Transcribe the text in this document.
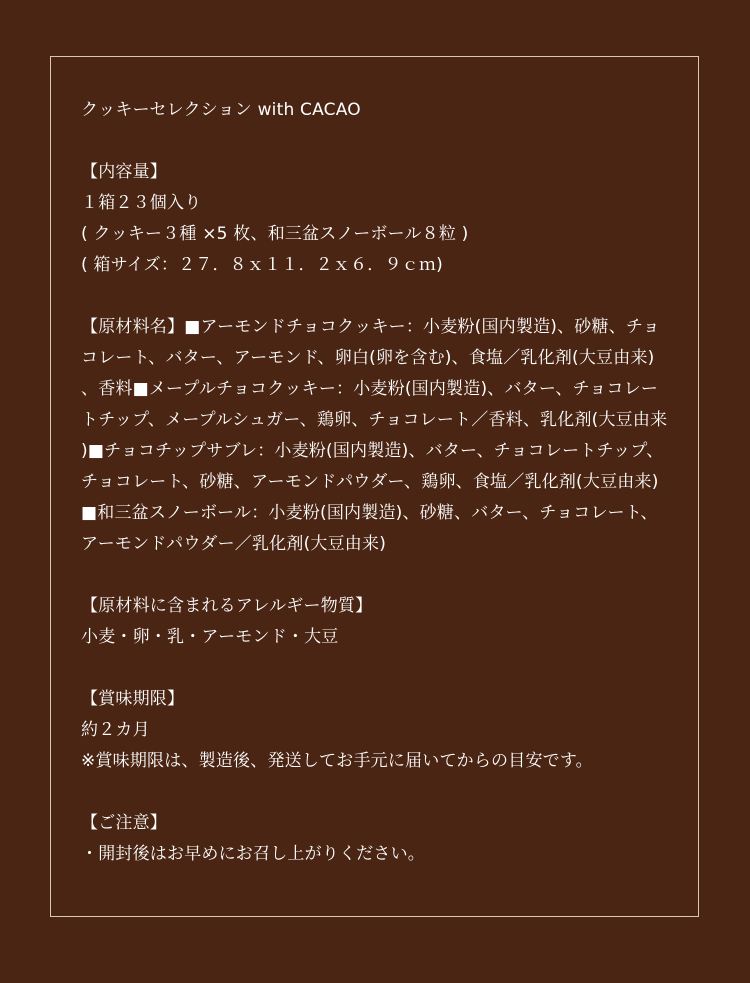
クッキーセレクション with CACAO
【内容量】
１箱２３個入り
( クッキー３種 ×5 枚、和三盆スノーボール８粒 )
( 箱サイズ：２７．８ｘ１１．２ｘ６．９ｃｍ)
【原材料名】■アーモンドチョコクッキー：小麦粉(国内製造)、砂糖、チョコレート、バター、アーモンド、卵白(卵を含む)、食塩／乳化剤(大豆由来)、香料■メープルチョコクッキー：小麦粉(国内製造)、バター、チョコレートチップ、メープルシュガー、鶏卵、チョコレート／香料、乳化剤(大豆由来)■チョコチップサブレ：小麦粉(国内製造)、バター、チョコレートチップ、チョコレート、砂糖、アーモンドパウダー、鶏卵、食塩／乳化剤(大豆由来)■和三盆スノーボール：小麦粉(国内製造)、砂糖、バター、チョコレート、アーモンドパウダー／乳化剤(大豆由来)
【原材料に含まれるアレルギー物質】
小麦・卵・乳・アーモンド・大豆
【賞味期限】
約２カ月
※賞味期限は、製造後、発送してお手元に届いてからの目安です。
【ご注意】
・開封後はお早めにお召し上がりください。
